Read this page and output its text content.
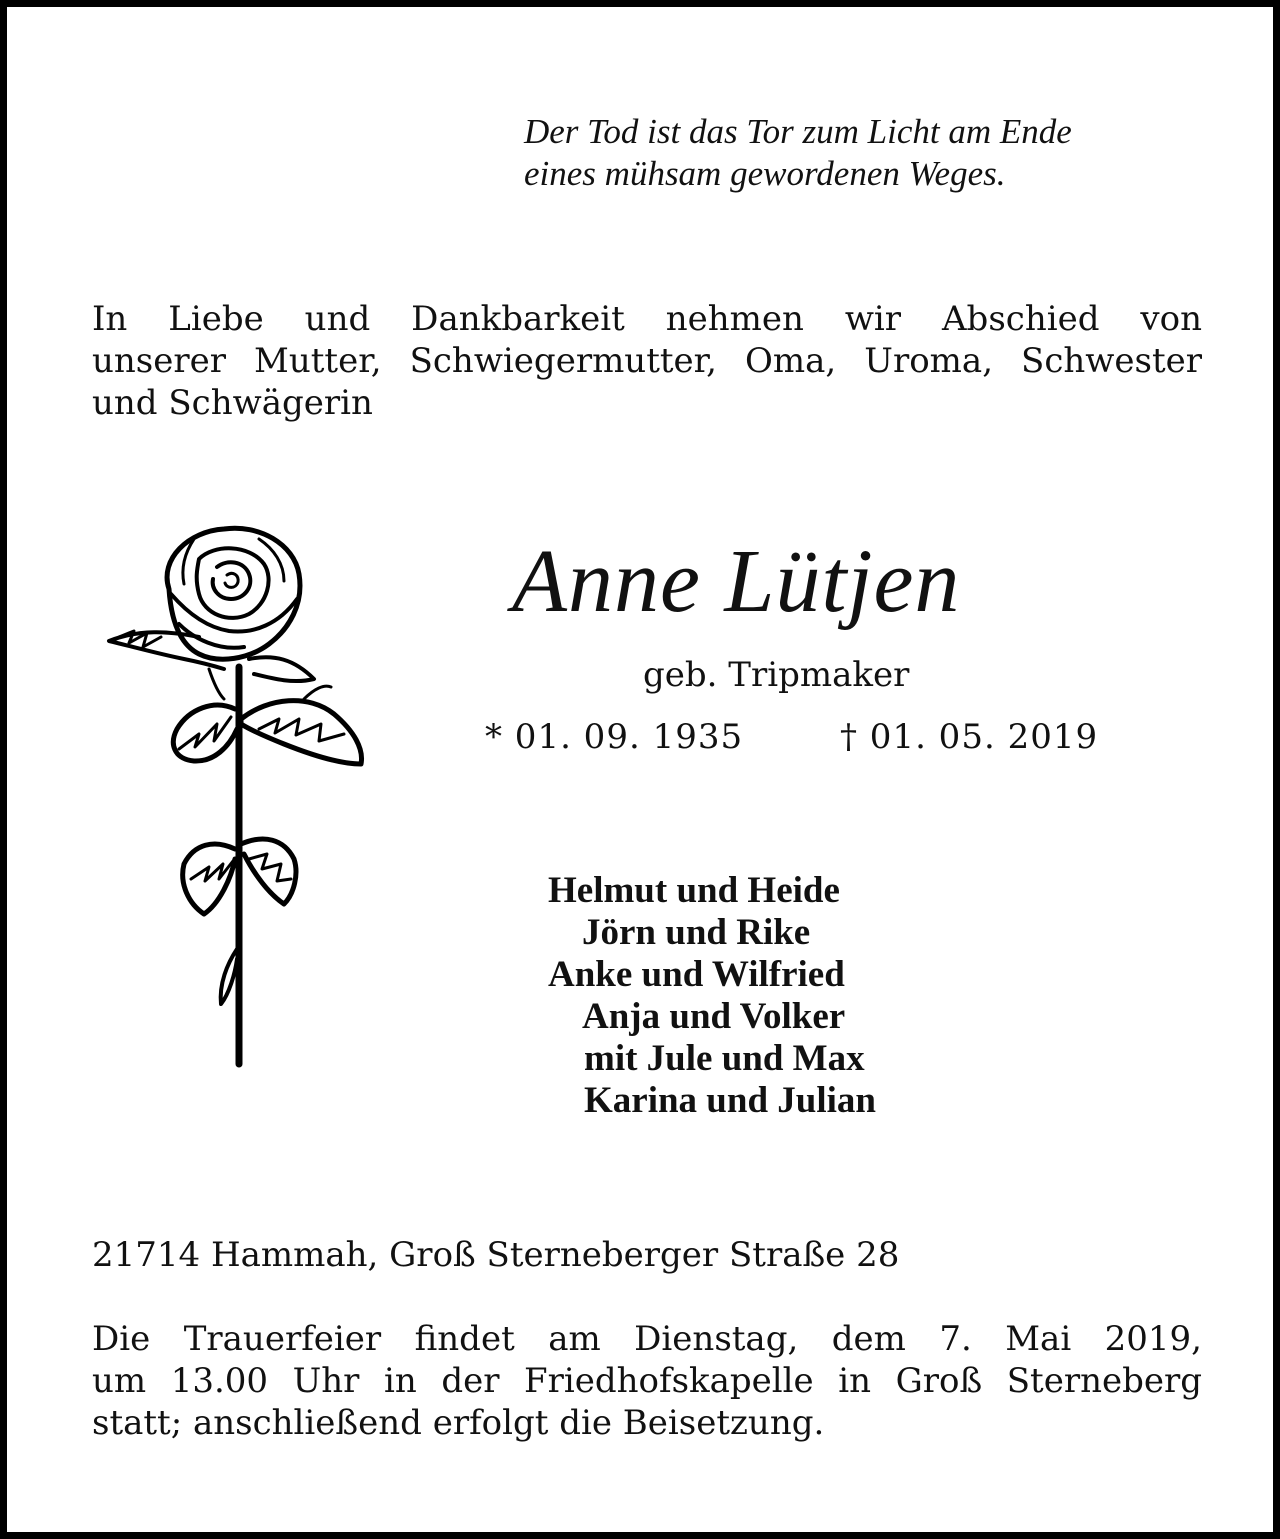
Der Tod ist das Tor zum Licht am Ende
eines mühsam gewordenen Weges.
In Liebe und Dankbarkeit nehmen wir Abschied von
unserer Mutter, Schwiegermutter, Oma, Uroma, Schwester
und Schwägerin
Anne Lütjen
geb. Tripmaker
* 01. 09. 1935	† 01. 05. 2019
Helmut und Heide
Jörn und Rike
Anke und Wilfried
Anja und Volker
mit Jule und Max
Karina und Julian
21714 Hammah, Groß Sterneberger Straße 28
Die Trauerfeier findet am Dienstag, dem 7. Mai 2019,
um 13.00 Uhr in der Friedhofskapelle in Groß Sterneberg
statt; anschließend erfolgt die Beisetzung.
